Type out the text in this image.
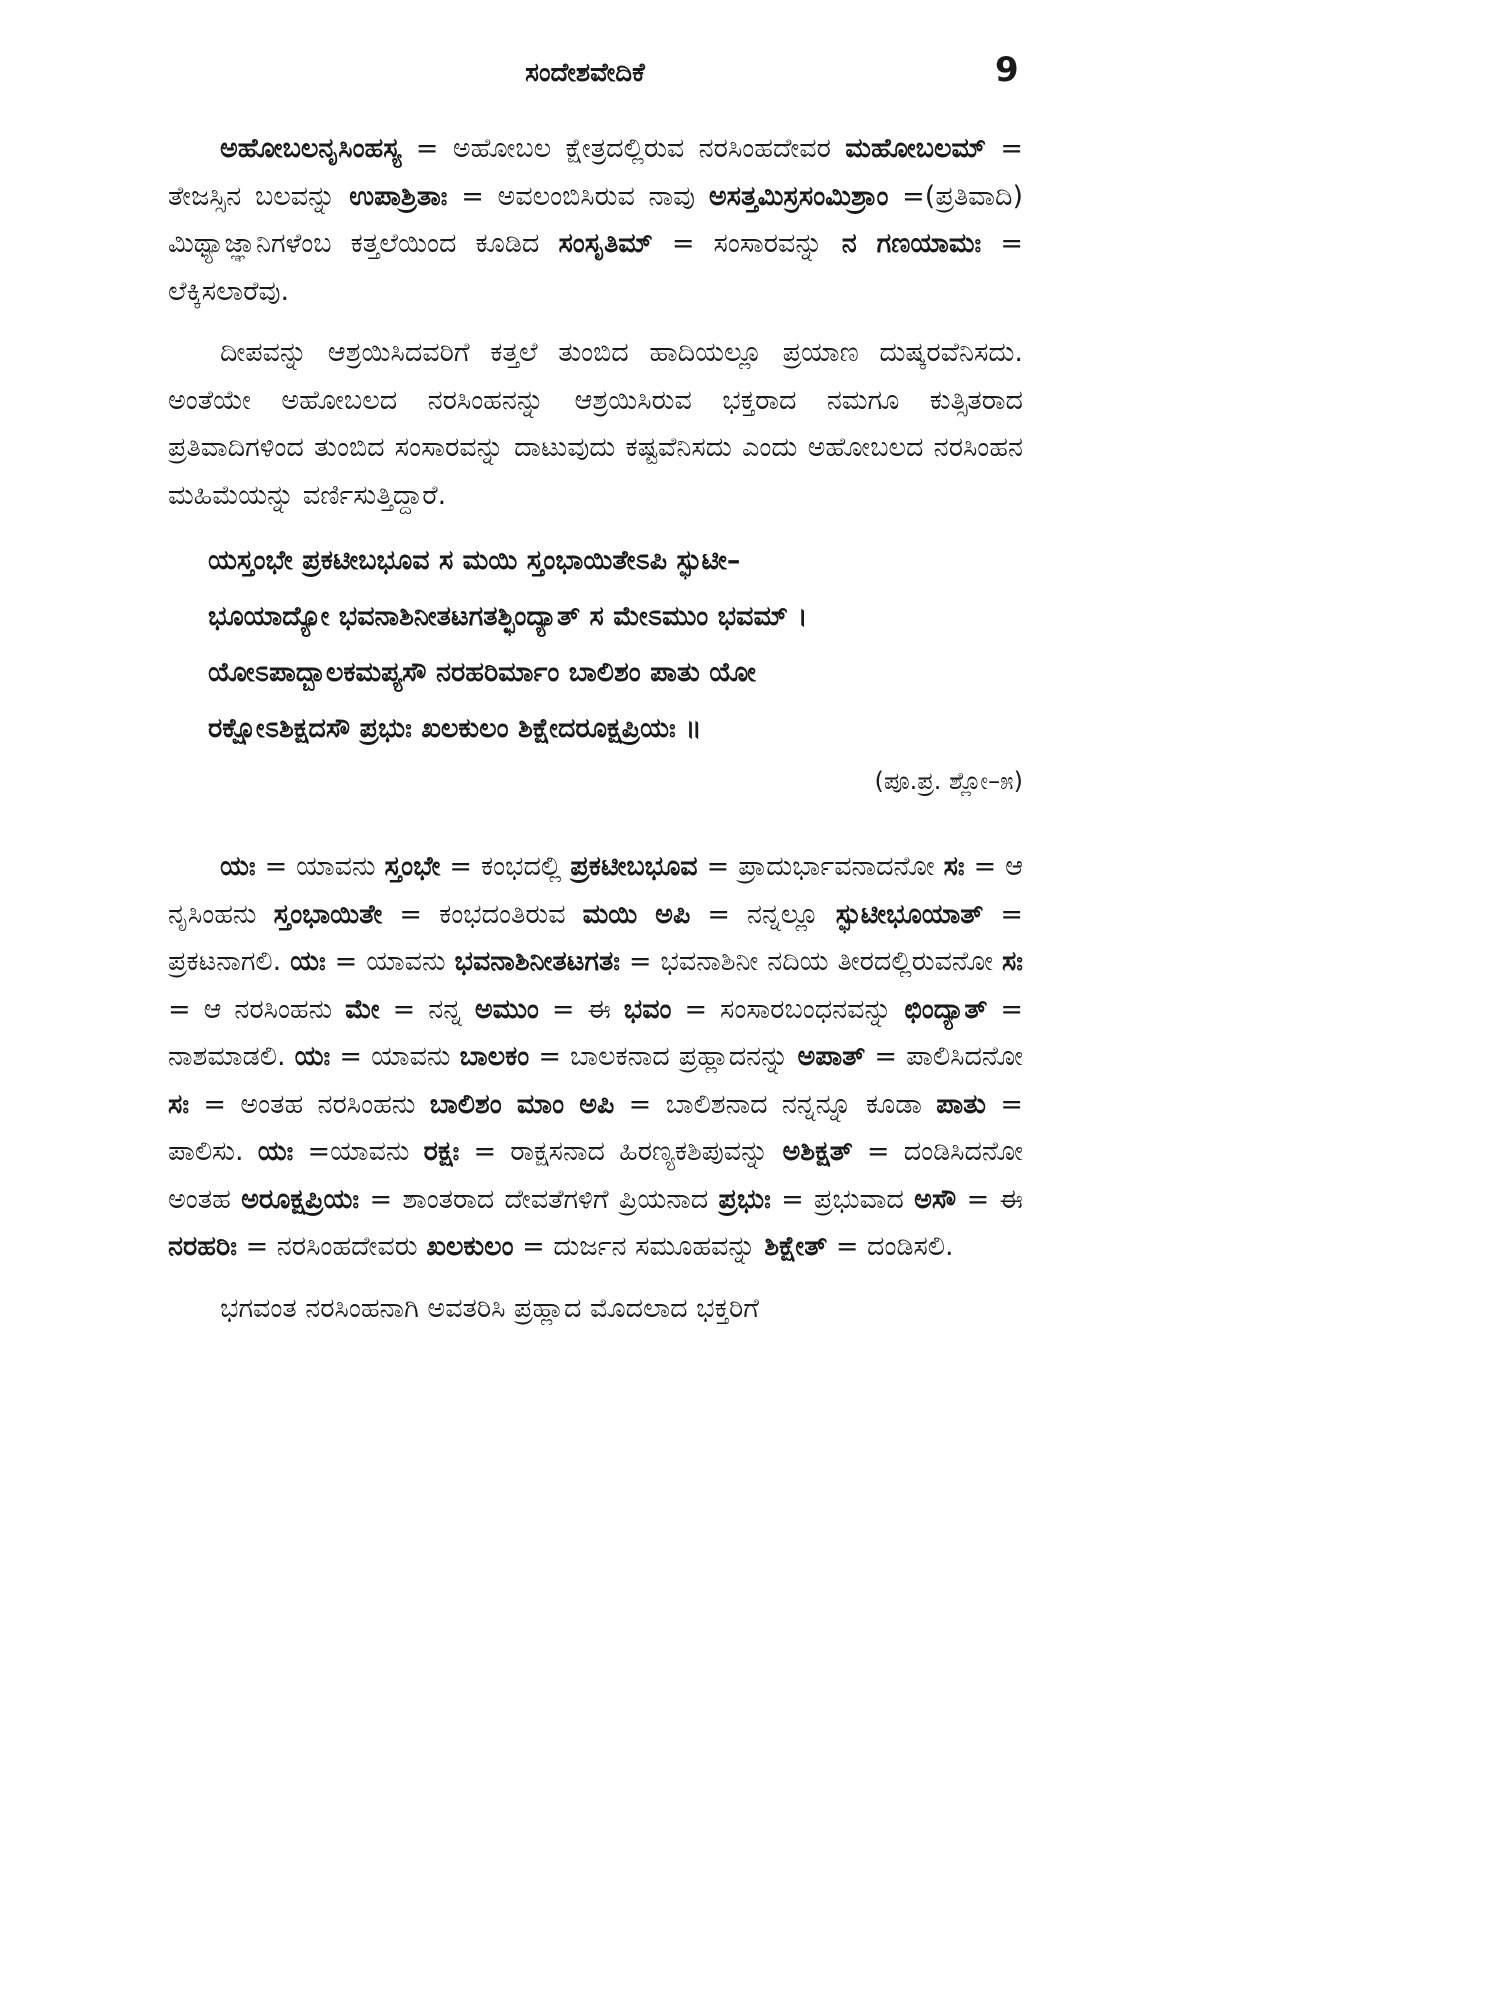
ಸಂದೇಶವೇದಿಕೆ	9

ಅಹೋಬಲನೃಸಿಂಹಸ್ಯ = ಅಹೋಬಲ ಕ್ಷೇತ್ರದಲ್ಲಿರುವ ನರಸಿಂಹದೇವರ ಮಹೋಬಲಮ್ = ತೇಜಸ್ಸಿನ ಬಲವನ್ನು ಉಪಾಶ್ರಿತಾಃ = ಅವಲಂಬಿಸಿರುವ ನಾವು ಅಸತ್ತಮಿಸ್ರಸಂಮಿಶ್ರಾಂ =(ಪ್ರತಿವಾದಿ) ಮಿಥ್ಯಾಜ್ಞಾನಿಗಳೆಂಬ ಕತ್ತಲೆಯಿಂದ ಕೂಡಿದ ಸಂಸೃತಿಮ್ = ಸಂಸಾರವನ್ನು ನ ಗಣಯಾಮಃ = ಲೆಕ್ಕಿಸಲಾರೆವು.

ದೀಪವನ್ನು ಆಶ್ರಯಿಸಿದವರಿಗೆ ಕತ್ತಲೆ ತುಂಬಿದ ಹಾದಿಯಲ್ಲೂ ಪ್ರಯಾಣ ದುಷ್ಕರವೆನಿಸದು. ಅಂತೆಯೇ ಅಹೋಬಲದ ನರಸಿಂಹನನ್ನು ಆಶ್ರಯಿಸಿರುವ ಭಕ್ತರಾದ ನಮಗೂ ಕುತ್ಸಿತರಾದ ಪ್ರತಿವಾದಿಗಳಿಂದ ತುಂಬಿದ ಸಂಸಾರವನ್ನು ದಾಟುವುದು ಕಷ್ಟವೆನಿಸದು ಎಂದು ಅಹೋಬಲದ ನರಸಿಂಹನ ಮಹಿಮೆಯನ್ನು ವರ್ಣಿಸುತ್ತಿದ್ದಾರೆ.

ಯಸ್ತಂಭೇ ಪ್ರಕಟೀಬಭೂವ ಸ ಮಯಿ ಸ್ತಂಭಾಯಿತೇಽಪಿ ಸ್ಫುಟೀ–
ಭೂಯಾದ್ಯೋ ಭವನಾಶಿನೀತಟಗತಶ್ಛಿಂದ್ಯಾತ್ ಸ ಮೇಽಮುಂ ಭವಮ್ ।
ಯೋಽಪಾದ್ಬಾಲಕಮಪ್ಯಸೌ ನರಹರಿರ್ಮಾಂ ಬಾಲಿಶಂ ಪಾತು ಯೋ
ರಕ್ಷೋಽಶಿಕ್ಷದಸೌ ಪ್ರಭುಃ ಖಲಕುಲಂ ಶಿಕ್ಷೇದರೂಕ್ಷಪ್ರಿಯಃ ॥
(ಪೂ.ಪ್ರ. ಶ್ಲೋ–೫)

ಯಃ = ಯಾವನು ಸ್ತಂಭೇ = ಕಂಭದಲ್ಲಿ ಪ್ರಕಟೀಬಭೂವ = ಪ್ರಾದುರ್ಭಾವನಾದನೋ ಸಃ = ಆ ನೃಸಿಂಹನು ಸ್ತಂಭಾಯಿತೇ = ಕಂಭದಂತಿರುವ ಮಯಿ ಅಪಿ = ನನ್ನಲ್ಲೂ ಸ್ಫುಟೀಭೂಯಾತ್ = ಪ್ರಕಟನಾಗಲಿ. ಯಃ = ಯಾವನು ಭವನಾಶಿನೀತಟಗತಃ = ಭವನಾಶಿನೀ ನದಿಯ ತೀರದಲ್ಲಿರುವನೋ ಸಃ = ಆ ನರಸಿಂಹನು ಮೇ = ನನ್ನ ಅಮುಂ = ಈ ಭವಂ = ಸಂಸಾರಬಂಧನವನ್ನು ಛಿಂದ್ಯಾತ್ = ನಾಶಮಾಡಲಿ. ಯಃ = ಯಾವನು ಬಾಲಕಂ = ಬಾಲಕನಾದ ಪ್ರಹ್ಲಾದನನ್ನು ಅಪಾತ್ = ಪಾಲಿಸಿದನೋ ಸಃ = ಅಂತಹ ನರಸಿಂಹನು ಬಾಲಿಶಂ ಮಾಂ ಅಪಿ = ಬಾಲಿಶನಾದ ನನ್ನನ್ನೂ ಕೂಡಾ ಪಾತು = ಪಾಲಿಸು. ಯಃ =ಯಾವನು ರಕ್ಷಃ = ರಾಕ್ಷಸನಾದ ಹಿರಣ್ಯಕಶಿಪುವನ್ನು ಅಶಿಕ್ಷತ್ = ದಂಡಿಸಿದನೋ ಅಂತಹ ಅರೂಕ್ಷಪ್ರಿಯಃ = ಶಾಂತರಾದ ದೇವತೆಗಳಿಗೆ ಪ್ರಿಯನಾದ ಪ್ರಭುಃ = ಪ್ರಭುವಾದ ಅಸೌ = ಈ ನರಹರಿಃ = ನರಸಿಂಹದೇವರು ಖಲಕುಲಂ = ದುರ್ಜನ ಸಮೂಹವನ್ನು ಶಿಕ್ಷೇತ್ = ದಂಡಿಸಲಿ.

ಭಗವಂತ ನರಸಿಂಹನಾಗಿ ಅವತರಿಸಿ ಪ್ರಹ್ಲಾದ ಮೊದಲಾದ ಭಕ್ತರಿಗೆ
